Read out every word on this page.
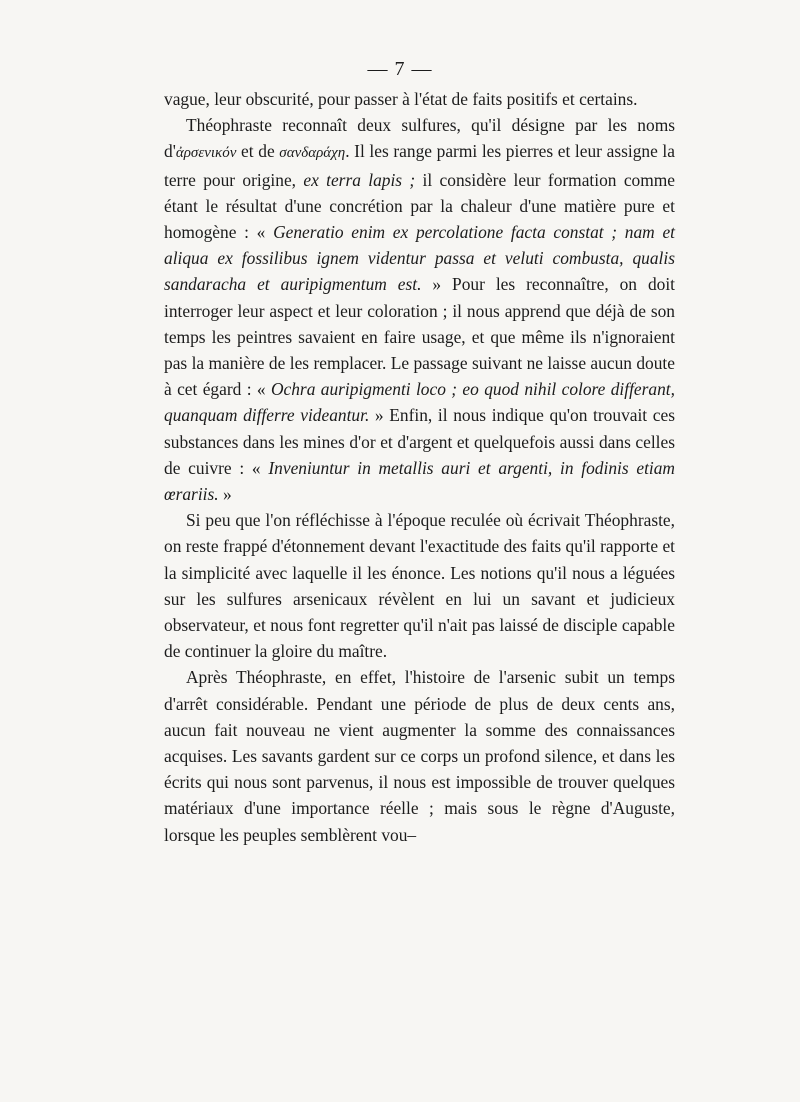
— 7 —

vague, leur obscurité, pour passer à l'état de faits positifs et certains.

Théophraste reconnaît deux sulfures, qu'il désigne par les noms d'ἀρσενικόν et de σανδαράχη. Il les range parmi les pierres et leur assigne la terre pour origine, ex terra lapis ; il considère leur formation comme étant le résultat d'une concrétion par la chaleur d'une matière pure et homogène : « Generatio enim ex percolatione facta constat ; nam et aliqua ex fossilibus ignem videntur passa et veluti combusta, qualis sandaracha et auripigmentum est. » Pour les reconnaître, on doit interroger leur aspect et leur coloration ; il nous apprend que déjà de son temps les peintres savaient en faire usage, et que même ils n'ignoraient pas la manière de les remplacer. Le passage suivant ne laisse aucun doute à cet égard : « Ochra auripigmenti loco ; eo quod nihil colore differant, quanquam differre videantur. » Enfin, il nous indique qu'on trouvait ces substances dans les mines d'or et d'argent et quelquefois aussi dans celles de cuivre : « Inveniuntur in metallis auri et argenti, in fodinis etiam œrariis. »

Si peu que l'on réfléchisse à l'époque reculée où écrivait Théophraste, on reste frappé d'étonnement devant l'exactitude des faits qu'il rapporte et la simplicité avec laquelle il les énonce. Les notions qu'il nous a léguées sur les sulfures arsenicaux révèlent en lui un savant et judicieux observateur, et nous font regretter qu'il n'ait pas laissé de disciple capable de continuer la gloire du maître.

Après Théophraste, en effet, l'histoire de l'arsenic subit un temps d'arrêt considérable. Pendant une période de plus de deux cents ans, aucun fait nouveau ne vient augmenter la somme des connaissances acquises. Les savants gardent sur ce corps un profond silence, et dans les écrits qui nous sont parvenus, il nous est impossible de trouver quelques matériaux d'une importance réelle ; mais sous le règne d'Auguste, lorsque les peuples semblèrent vou–
